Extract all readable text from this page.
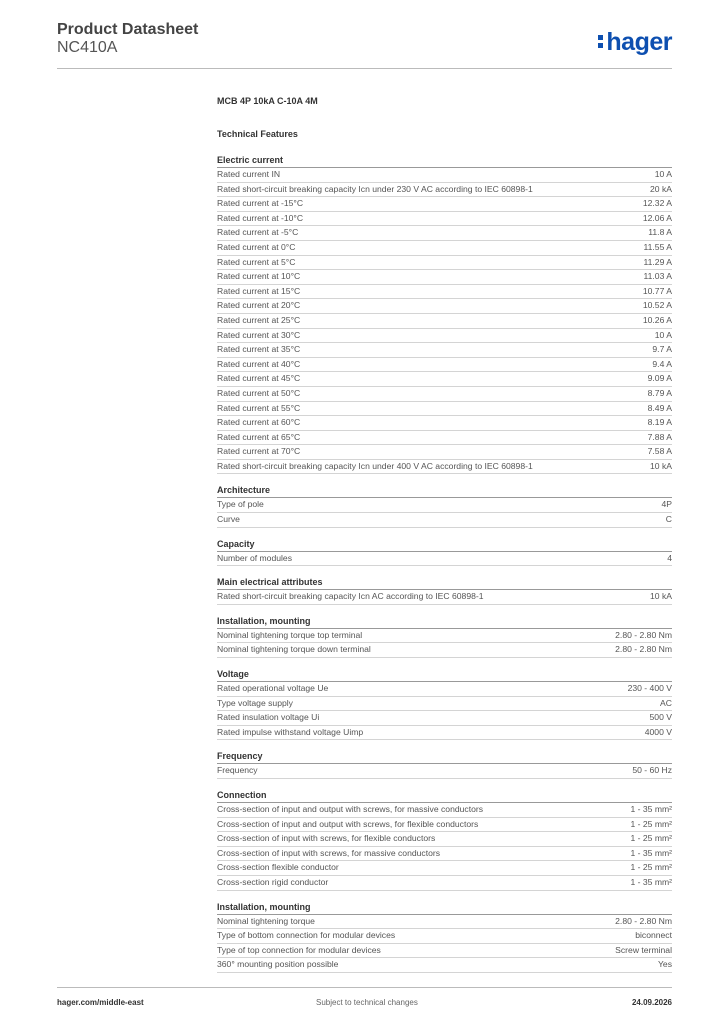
Product Datasheet
NC410A	hager
MCB 4P 10kA C-10A 4M
Technical Features
Electric current
Rated current IN	10 A
Rated short-circuit breaking capacity Icn under 230 V AC according to IEC 60898-1	20 kA
Rated current at -15°C	12.32 A
Rated current at -10°C	12.06 A
Rated current at -5°C	11.8 A
Rated current at 0°C	11.55 A
Rated current at 5°C	11.29 A
Rated current at 10°C	11.03 A
Rated current at 15°C	10.77 A
Rated current at 20°C	10.52 A
Rated current at 25°C	10.26 A
Rated current at 30°C	10 A
Rated current at 35°C	9.7 A
Rated current at 40°C	9.4 A
Rated current at 45°C	9.09 A
Rated current at 50°C	8.79 A
Rated current at 55°C	8.49 A
Rated current at 60°C	8.19 A
Rated current at 65°C	7.88 A
Rated current at 70°C	7.58 A
Rated short-circuit breaking capacity Icn under 400 V AC according to IEC 60898-1	10 kA
Architecture
Type of pole	4P
Curve	C
Capacity
Number of modules	4
Main electrical attributes
Rated short-circuit breaking capacity Icn AC according to IEC 60898-1	10 kA
Installation, mounting
Nominal tightening torque top terminal	2.80 - 2.80 Nm
Nominal tightening torque down terminal	2.80 - 2.80 Nm
Voltage
Rated operational voltage Ue	230 - 400 V
Type voltage supply	AC
Rated insulation voltage Ui	500 V
Rated impulse withstand voltage Uimp	4000 V
Frequency
Frequency	50 - 60 Hz
Connection
Cross-section of input and output with screws, for massive conductors	1 - 35 mm²
Cross-section of input and output with screws, for flexible conductors	1 - 25 mm²
Cross-section of input with screws, for flexible conductors	1 - 25 mm²
Cross-section of input with screws, for massive conductors	1 - 35 mm²
Cross-section flexible conductor	1 - 25 mm²
Cross-section rigid conductor	1 - 35 mm²
Installation, mounting
Nominal tightening torque	2.80 - 2.80 Nm
Type of bottom connection for modular devices	biconnect
Type of top connection for modular devices	Screw terminal
360° mounting position possible	Yes
hager.com/middle-east	Subject to technical changes	24.09.2026
